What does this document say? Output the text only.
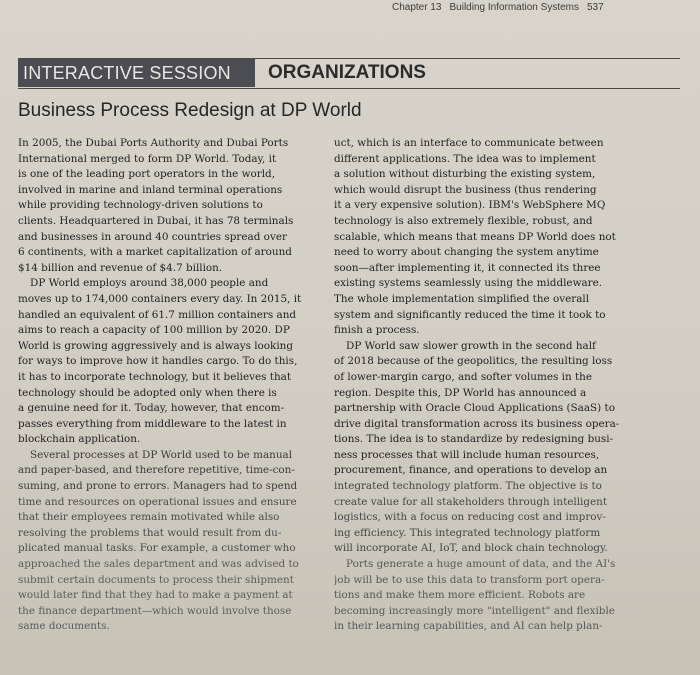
Chapter 13 Building Information Systems 537
INTERACTIVE SESSION	ORGANIZATIONS
Business Process Redesign at DP World
In 2005, the Dubai Ports Authority and Dubai Ports
International merged to form DP World. Today, it
is one of the leading port operators in the world,
involved in marine and inland terminal operations
while providing technology-driven solutions to
clients. Headquartered in Dubai, it has 78 terminals
and businesses in around 40 countries spread over
6 continents, with a market capitalization of around
$14 billion and revenue of $4.7 billion.
DP World employs around 38,000 people and
moves up to 174,000 containers every day. In 2015, it
handled an equivalent of 61.7 million containers and
aims to reach a capacity of 100 million by 2020. DP
World is growing aggressively and is always looking
for ways to improve how it handles cargo. To do this,
it has to incorporate technology, but it believes that
technology should be adopted only when there is
a genuine need for it. Today, however, that encom-
passes everything from middleware to the latest in
blockchain application.
Several processes at DP World used to be manual
and paper-based, and therefore repetitive, time-con-
suming, and prone to errors. Managers had to spend
time and resources on operational issues and ensure
that their employees remain motivated while also
resolving the problems that would result from du-
plicated manual tasks. For example, a customer who
approached the sales department and was advised to
submit certain documents to process their shipment
would later find that they had to make a payment at
the finance department—which would involve those
same documents.
uct, which is an interface to communicate between
different applications. The idea was to implement
a solution without disturbing the existing system,
which would disrupt the business (thus rendering
it a very expensive solution). IBM's WebSphere MQ
technology is also extremely flexible, robust, and
scalable, which means that means DP World does not
need to worry about changing the system anytime
soon—after implementing it, it connected its three
existing systems seamlessly using the middleware.
The whole implementation simplified the overall
system and significantly reduced the time it took to
finish a process.
DP World saw slower growth in the second half
of 2018 because of the geopolitics, the resulting loss
of lower-margin cargo, and softer volumes in the
region. Despite this, DP World has announced a
partnership with Oracle Cloud Applications (SaaS) to
drive digital transformation across its business opera-
tions. The idea is to standardize by redesigning busi-
ness processes that will include human resources,
procurement, finance, and operations to develop an
integrated technology platform. The objective is to
create value for all stakeholders through intelligent
logistics, with a focus on reducing cost and improv-
ing efficiency. This integrated technology platform
will incorporate AI, IoT, and block chain technology.
Ports generate a huge amount of data, and the AI's
job will be to use this data to transform port opera-
tions and make them more efficient. Robots are
becoming increasingly more "intelligent" and flexible
in their learning capabilities, and AI can help plan-
